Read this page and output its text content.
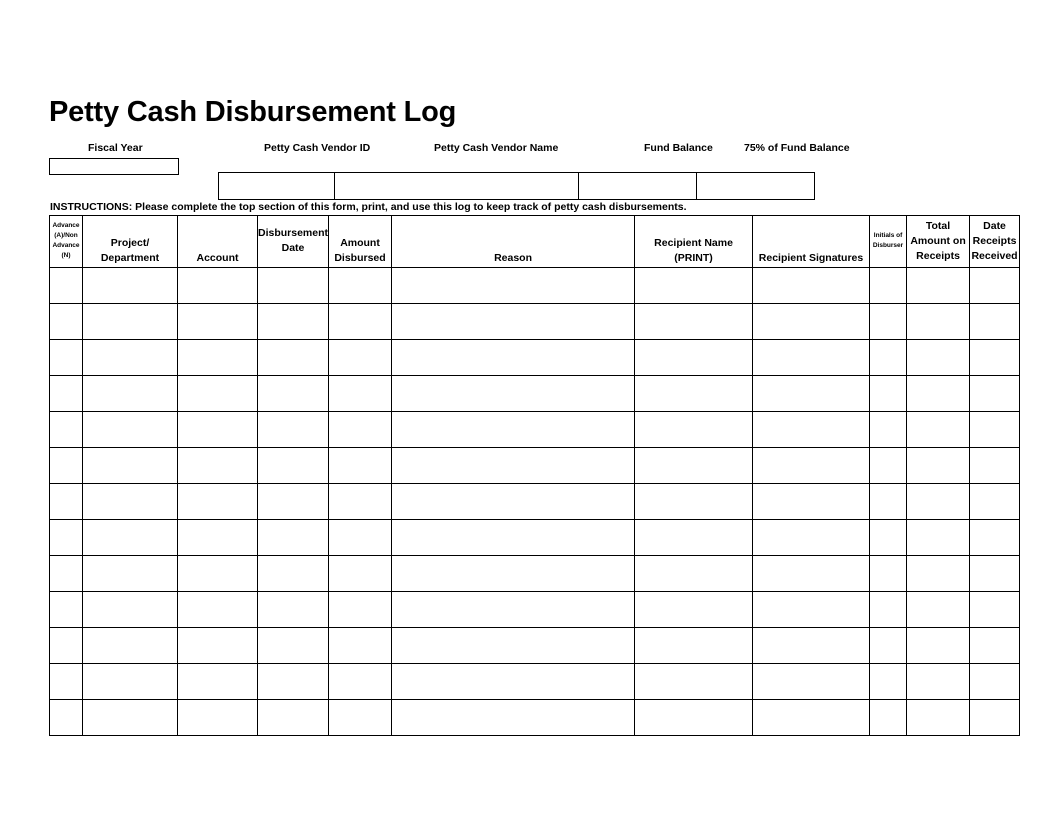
Petty Cash Disbursement Log
Fiscal Year	Petty Cash Vendor ID	Petty Cash Vendor Name	Fund Balance	75% of Fund Balance
INSTRUCTIONS: Please complete the top section of this form, print, and use this log to keep track of petty cash disbursements.
Advance (A)/Non Advance (N)	Project/ Department	Account	Disbursement Date	Amount Disbursed	Reason	Recipient Name (PRINT)	Recipient Signatures	Initials of Disburser	Total Amount on Receipts	Date Receipts Received
